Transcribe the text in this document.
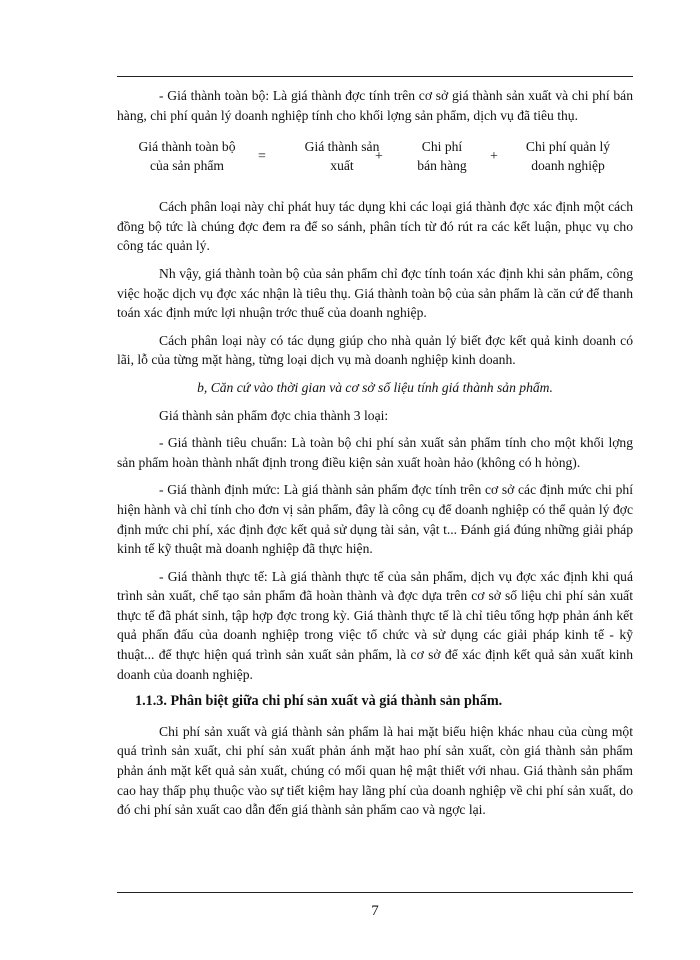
- Giá thành toàn bộ: Là giá thành đợc tính trên cơ sở giá thành sản xuất và chi phí bán hàng, chi phí quản lý doanh nghiệp tính cho khối lợng sản phẩm, dịch vụ đã tiêu thụ.

Giá thành toàn bộ
của sản phẩm
=
Giá thành sản
xuất
+
Chi phí
bán hàng
+
Chi phí quản lý
doanh nghiệp

Cách phân loại này chỉ phát huy tác dụng khi các loại giá thành đợc xác định một cách đồng bộ tức là chúng đợc đem ra để so sánh, phân tích từ đó rút ra các kết luận, phục vụ cho công tác quản lý.

Nh vậy, giá thành toàn bộ của sản phẩm chỉ đợc tính toán xác định khi sản phẩm, công việc hoặc dịch vụ đợc xác nhận là tiêu thụ. Giá thành toàn bộ của sản phẩm là căn cứ để thanh toán xác định mức lợi nhuận trớc thuế của doanh nghiệp.

Cách phân loại này có tác dụng giúp cho nhà quản lý biết đợc kết quả kinh doanh có lãi, lỗ của từng mặt hàng, từng loại dịch vụ mà doanh nghiệp kinh doanh.

b, Căn cứ vào thời gian và cơ sở số liệu tính giá thành sản phẩm.

Giá thành sản phẩm đợc chia thành 3 loại:

- Giá thành tiêu chuẩn: Là toàn bộ chi phí sản xuất sản phẩm tính cho một khối lợng sản phẩm hoàn thành nhất định trong điều kiện sản xuất hoàn hảo (không có h hỏng).

- Giá thành định mức: Là giá thành sản phẩm đợc tính trên cơ sở các định mức chi phí hiện hành và chỉ tính cho đơn vị sản phẩm, đây là công cụ để doanh nghiệp có thể quản lý đợc định mức chi phí, xác định đợc kết quả sử dụng tài sản, vật t... Đánh giá đúng những giải pháp kinh tế kỹ thuật mà doanh nghiệp đã thực hiện.

- Giá thành thực tế: Là giá thành thực tế của sản phẩm, dịch vụ đợc xác định khi quá trình sản xuất, chế tạo sản phẩm đã hoàn thành và đợc dựa trên cơ sở số liệu chi phí sản xuất thực tế đã phát sinh, tập hợp đợc trong kỳ. Giá thành thực tế là chỉ tiêu tổng hợp phản ánh kết quả phấn đấu của doanh nghiệp trong việc tổ chức và sử dụng các giải pháp kinh tế - kỹ thuật... để thực hiện quá trình sản xuất sản phẩm, là cơ sở để xác định kết quả sản xuất kinh doanh của doanh nghiệp.

1.1.3. Phân biệt giữa chi phí sản xuất và giá thành sản phẩm.

Chi phí sản xuất và giá thành sản phẩm là hai mặt biểu hiện khác nhau của cùng một quá trình sản xuất, chi phí sản xuất phản ánh mặt hao phí sản xuất, còn giá thành sản phẩm phản ánh mặt kết quả sản xuất, chúng có mối quan hệ mật thiết với nhau. Giá thành sản phẩm cao hay thấp phụ thuộc vào sự tiết kiệm hay lãng phí của doanh nghiệp về chi phí sản xuất, do đó chi phí sản xuất cao dẫn đến giá thành sản phẩm cao và ngợc lại.

7
